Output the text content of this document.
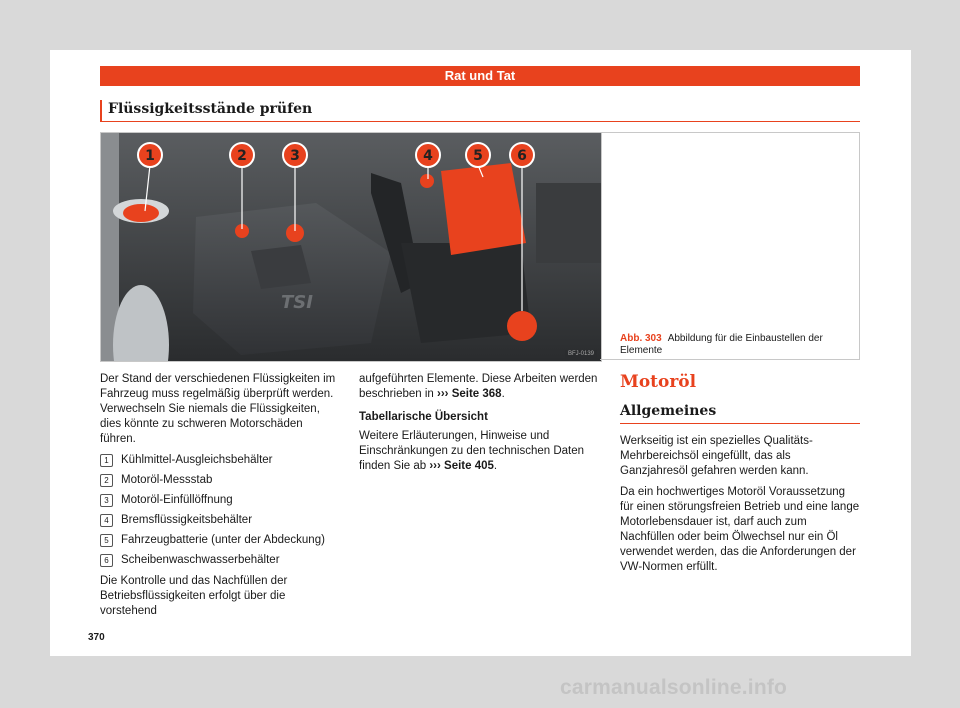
Rat und Tat
Flüssigkeitsstände prüfen
TSI
1	2	3	4	5 6
BFJ-0139
Abb. 303 Abbildung für die Einbaustellen der Elemente

Der Stand der verschiedenen Flüssigkeiten im Fahrzeug muss regelmäßig überprüft werden. Verwechseln Sie niemals die Flüssigkeiten, dies könnte zu schweren Motorschäden führen.

1	Kühlmittel-Ausgleichsbehälter
2	Motoröl-Messstab
3	Motoröl-Einfüllöffnung
4	Bremsflüssigkeitsbehälter
5	Fahrzeugbatterie (unter der Abdeckung)
6	Scheibenwaschwasserbehälter

Die Kontrolle und das Nachfüllen der Betriebsflüssigkeiten erfolgt über die vorstehend

aufgeführten Elemente. Diese Arbeiten werden beschrieben in ››› Seite 368.

Tabellarische Übersicht

Weitere Erläuterungen, Hinweise und Einschränkungen zu den technischen Daten finden Sie ab ››› Seite 405.

Motoröl
Allgemeines

Werkseitig ist ein spezielles Qualitäts-Mehrbereichsöl eingefüllt, das als Ganzjahresöl gefahren werden kann.

Da ein hochwertiges Motoröl Voraussetzung für einen störungsfreien Betrieb und eine lange Motorlebensdauer ist, darf auch zum Nachfüllen oder beim Ölwechsel nur ein Öl verwendet werden, das die Anforderungen der VW-Normen erfüllt.

370
carmanualsonline.info
